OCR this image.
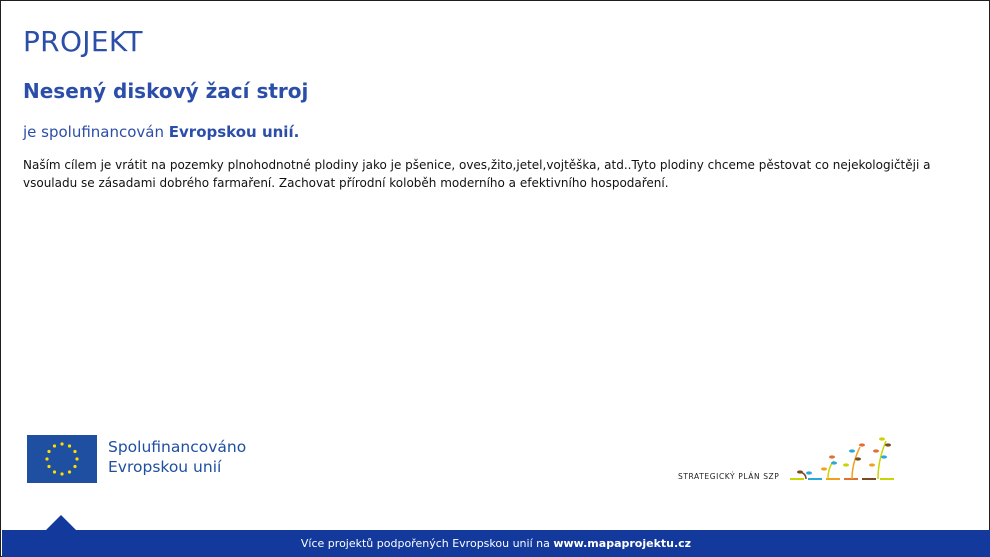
PROJEKT
Nesený diskový žací stroj
je spolufinancován Evropskou unií.
Naším cílem je vrátit na pozemky plnohodnotné plodiny jako je pšenice, oves,žito,jetel,vojtěška, atd..Tyto plodiny chceme pěstovat co nejekologičtěji a vsouladu se zásadami dobrého farmaření. Zachovat přírodní koloběh moderního a efektivního hospodaření.
Spolufinancováno
Evropskou unií
STRATEGICKÝ PLÁN SZP
Více projektů podpořených Evropskou unií na www.mapaprojektu.cz
